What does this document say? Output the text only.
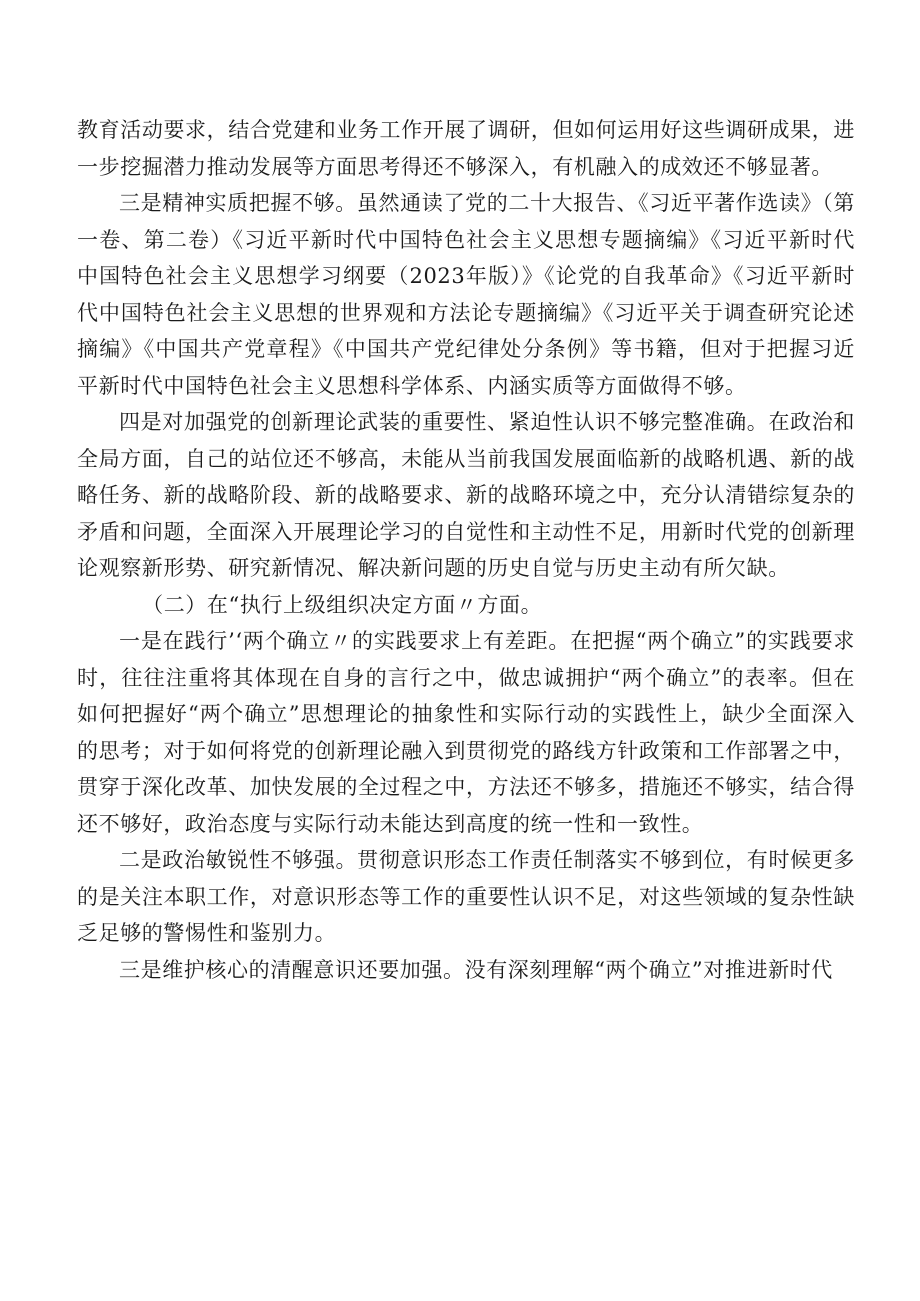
教育活动要求，结合党建和业务工作开展了调研，但如何运用好这些调研成果，进一步挖掘潜力推动发展等方面思考得还不够深入，有机融入的成效还不够显著。

三是精神实质把握不够。虽然通读了党的二十大报告、《习近平著作选读》（第一卷、第二卷）《习近平新时代中国特色社会主义思想专题摘编》《习近平新时代中国特色社会主义思想学习纲要（2023年版）》《论党的自我革命》《习近平新时代中国特色社会主义思想的世界观和方法论专题摘编》《习近平关于调查研究论述摘编》《中国共产党章程》《中国共产党纪律处分条例》等书籍，但对于把握习近平新时代中国特色社会主义思想科学体系、内涵实质等方面做得不够。

四是对加强党的创新理论武装的重要性、紧迫性认识不够完整准确。在政治和全局方面，自己的站位还不够高，未能从当前我国发展面临新的战略机遇、新的战略任务、新的战略阶段、新的战略要求、新的战略环境之中，充分认清错综复杂的矛盾和问题，全面深入开展理论学习的自觉性和主动性不足，用新时代党的创新理论观察新形势、研究新情况、解决新问题的历史自觉与历史主动有所欠缺。

（二）在“执行上级组织决定方面〃方面。

一是在践行’‘两个确立〃的实践要求上有差距。在把握“两个确立”的实践要求时，往往注重将其体现在自身的言行之中，做忠诚拥护“两个确立”的表率。但在如何把握好“两个确立”思想理论的抽象性和实际行动的实践性上，缺少全面深入的思考；对于如何将党的创新理论融入到贯彻党的路线方针政策和工作部署之中，贯穿于深化改革、加快发展的全过程之中，方法还不够多，措施还不够实，结合得还不够好，政治态度与实际行动未能达到高度的统一性和一致性。

二是政治敏锐性不够强。贯彻意识形态工作责任制落实不够到位，有时候更多的是关注本职工作，对意识形态等工作的重要性认识不足，对这些领域的复杂性缺乏足够的警惕性和鉴别力。

三是维护核心的清醒意识还要加强。没有深刻理解“两个确立”对推进新时代
